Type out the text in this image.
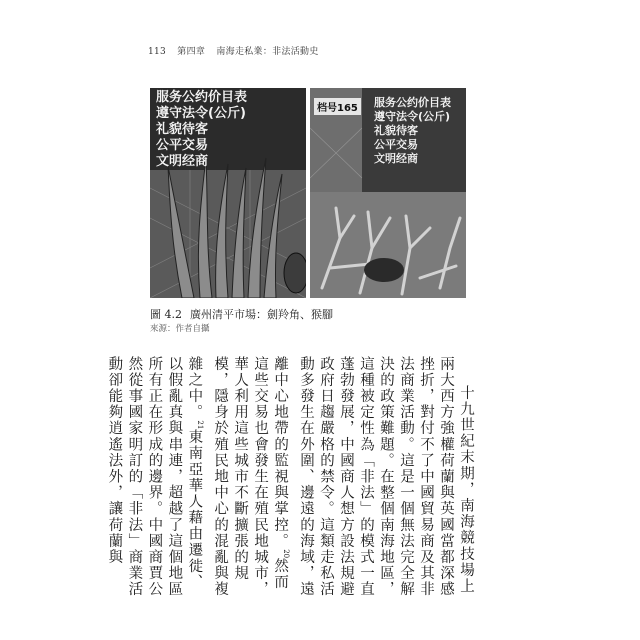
113 第四章 南海走私業：非法活動史
服务公约价目表
遵守法令(公斤)
礼貌待客
公平交易
文明经商
档号165 服务公约价目表
遵守法令(公斤)
礼貌待客
公平交易
文明经商
圖 4.2 廣州清平市場：劍羚角、猴腳
來源：作者自攝

十九世紀末期，南海競技場上兩大西方強權荷蘭與英國當都深感挫折，對付不了中國貿易商及其非法商業活動。這是一個無法完全解決的政策難題。在整個南海地區，這種被定性為「非法」的模式一直蓬勃發展，中國商人想方設法規避政府日趨嚴格的禁令。這類走私活動多發生在外圍、邊遠的海域，遠離中心地帶的監視與掌控。$^{20}$然而這些交易也會發生在殖民地城市，華人利用這些城市不斷擴張的規模，隱身於殖民地中心的混亂與複雜之中。$^{21}$東南亞華人藉由遷徙、以假亂真與串連，超越了這個地區所有正在形成的邊界。中國商賈公然從事國家明訂的「非法」商業活動卻能夠逍遙法外，讓荷蘭與
